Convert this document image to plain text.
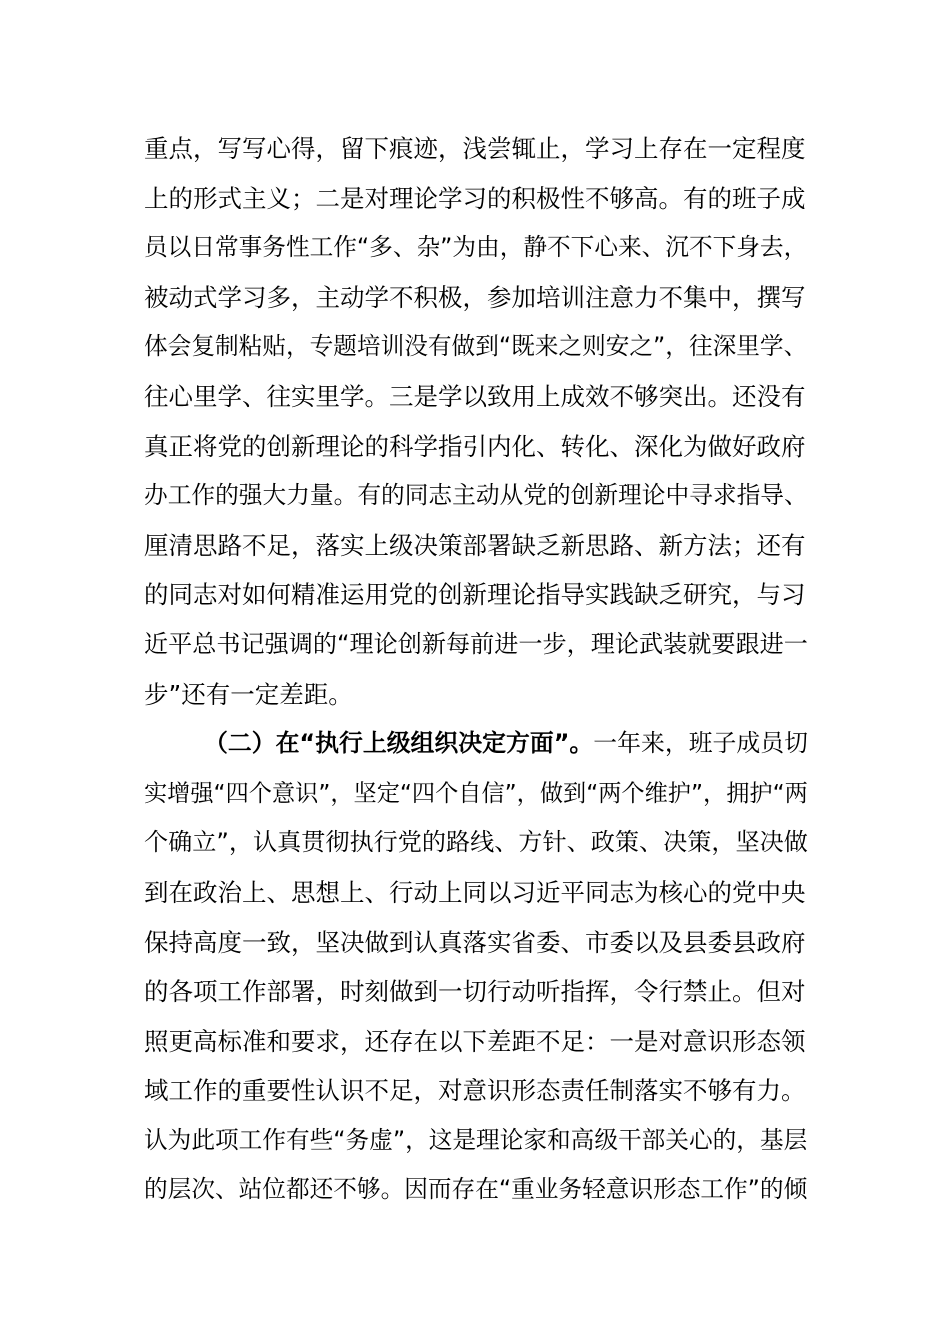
重点，写写心得，留下痕迹，浅尝辄止，学习上存在一定程度
上的形式主义；二是对理论学习的积极性不够高。有的班子成
员以日常事务性工作“多、杂”为由，静不下心来、沉不下身去，
被动式学习多，主动学不积极，参加培训注意力不集中，撰写
体会复制粘贴，专题培训没有做到“既来之则安之”，往深里学、
往心里学、往实里学。三是学以致用上成效不够突出。还没有
真正将党的创新理论的科学指引内化、转化、深化为做好政府
办工作的强大力量。有的同志主动从党的创新理论中寻求指导、
厘清思路不足，落实上级决策部署缺乏新思路、新方法；还有
的同志对如何精准运用党的创新理论指导实践缺乏研究，与习
近平总书记强调的“理论创新每前进一步，理论武装就要跟进一
步”还有一定差距。
（二）在“执行上级组织决定方面”。一年来，班子成员切
实增强“四个意识”，坚定“四个自信”，做到“两个维护”，拥护“两
个确立”，认真贯彻执行党的路线、方针、政策、决策，坚决做
到在政治上、思想上、行动上同以习近平同志为核心的党中央
保持高度一致，坚决做到认真落实省委、市委以及县委县政府
的各项工作部署，时刻做到一切行动听指挥，令行禁止。但对
照更高标准和要求，还存在以下差距不足：一是对意识形态领
域工作的重要性认识不足，对意识形态责任制落实不够有力。
认为此项工作有些“务虚”，这是理论家和高级干部关心的，基层
的层次、站位都还不够。因而存在“重业务轻意识形态工作”的倾
